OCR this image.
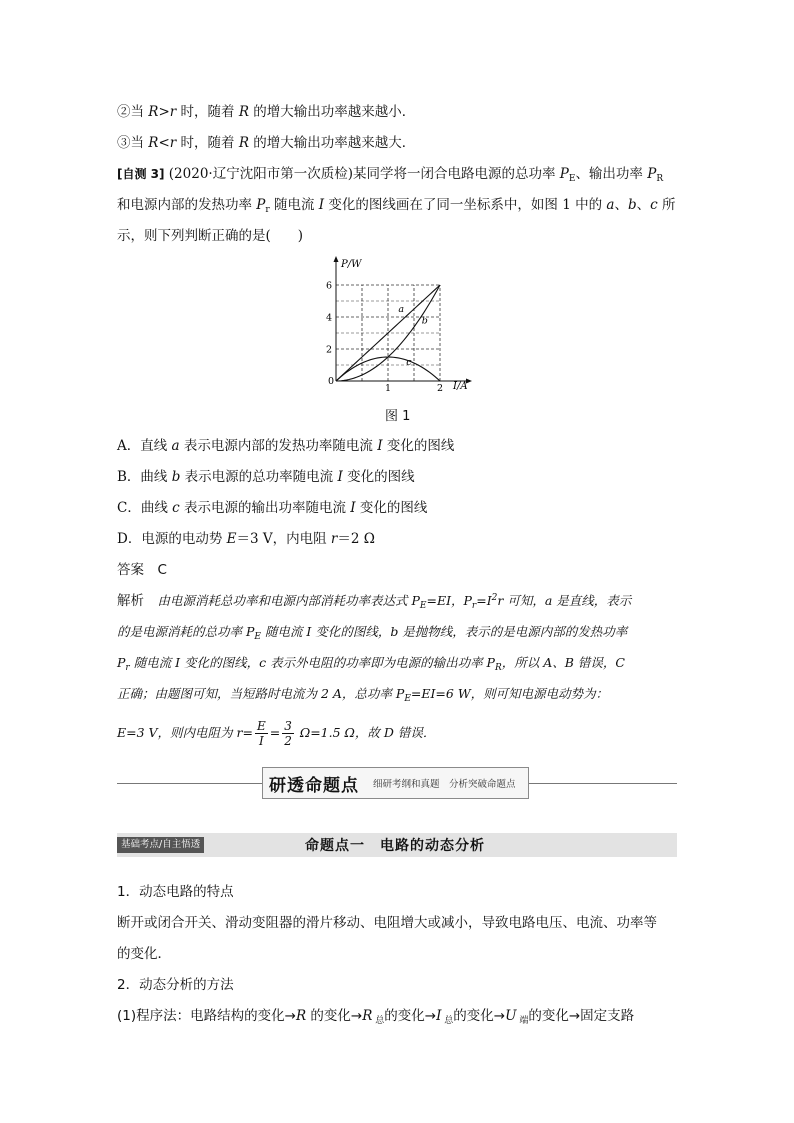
②当 R>r 时，随着 R 的增大输出功率越来越小．
③当 R<r 时，随着 R 的增大输出功率越来越大．
[自测 3] (2020·辽宁沈阳市第一次质检)某同学将一闭合电路电源的总功率 $P_E$、输出功率 $P_R$
和电源内部的发热功率 $P_r$ 随电流 I 变化的图线画在了同一坐标系中，如图 1 中的 a、b、c 所
示，则下列判断正确的是(　　)
P/W
I/A
0
2
4
6
1	2
a
b
c
图 1
A．直线 a 表示电源内部的发热功率随电流 I 变化的图线
B．曲线 b 表示电源的总功率随电流 I 变化的图线
C．曲线 c 表示电源的输出功率随电流 I 变化的图线
D．电源的电动势 E＝3 V，内电阻 r＝2 Ω
答案　 C
解析　 由电源消耗总功率和电源内部消耗功率表达式 $P_E=EI$，$P_r=I^2r$ 可知，a 是直线，表示
的是电源消耗的总功率 $P_E$ 随电流 I 变化的图线，b 是抛物线，表示的是电源内部的发热功率
$P_r$ 随电流 I 变化的图线，c 表示外电阻的功率即为电源的输出功率 $P_R$，所以 A、B 错误，C
正确；由题图可知，当短路时电流为 2 A，总功率 $P_E=EI=6$ W，则可知电源电动势为：
E=3 V，则内电阻为 $r= \frac{E}{I} = \frac{3}{2} \Omega=1.5$ Ω，故 D 错误．
研透命题点 细研考纲和真题　分析突破命题点
基础考点/自主悟透	命题点一　电路的动态分析
1．动态电路的特点
断开或闭合开关、滑动变阻器的滑片移动、电阻增大或减小，导致电路电压、电流、功率等
的变化．
2．动态分析的方法
(1)程序法：电路结构的变化→R 的变化→R $_总$的变化→I $_总$的变化→U $_端$的变化→固定支路
